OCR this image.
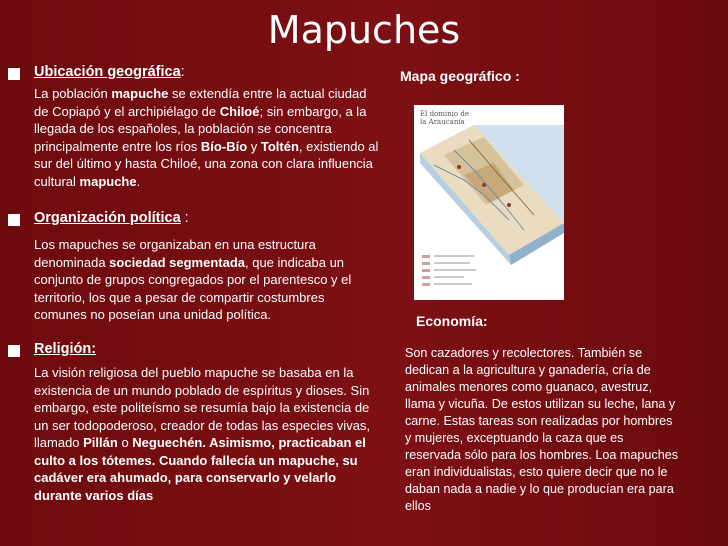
Mapuches
Ubicación geográfica:
La población mapuche se extendía entre la actual ciudad de Copiapó y el archipiélago de ChiIoé; sin embargo, a la llegada de los españoles, la población se concentra principalmente entre los ríos Bío-Bío y Toltén, existiendo al sur del último y hasta Chiloé, una zona con clara influencia cultural mapuche.
Organización política :
Los mapuches se organizaban en una estructura denominada sociedad segmentada, que indicaba un conjunto de grupos congregados por el parentesco y el territorio, los que a pesar de compartir costumbres comunes no poseían una unidad política.
Religión:
La visión religiosa del pueblo mapuche se basaba en la existencia de un mundo poblado de espíritus y dioses. Sin embargo, este politeísmo se resumía bajo la existencia de un ser todopoderoso, creador de todas las especies vivas, llamado Pillán o Neguechén. Asimismo, practicaban el culto a los tótemes. Cuando fallecía un mapuche, su cadáver era ahumado, para conservarlo y velarlo durante varios días
Mapa geográfico :
El dominio de la Araucanía
Economía:
Son cazadores y recolectores. También se dedican a la agricultura y ganadería, cría de animales menores como guanaco, avestruz, llama y vicuña. De estos utilizan su leche, lana y carne. Estas tareas son realizadas por hombres y mujeres, exceptuando la caza que es reservada sólo para los hombres. Loa mapuches eran individualistas, esto quiere decir que no le daban nada a nadie y lo que producían era para ellos
